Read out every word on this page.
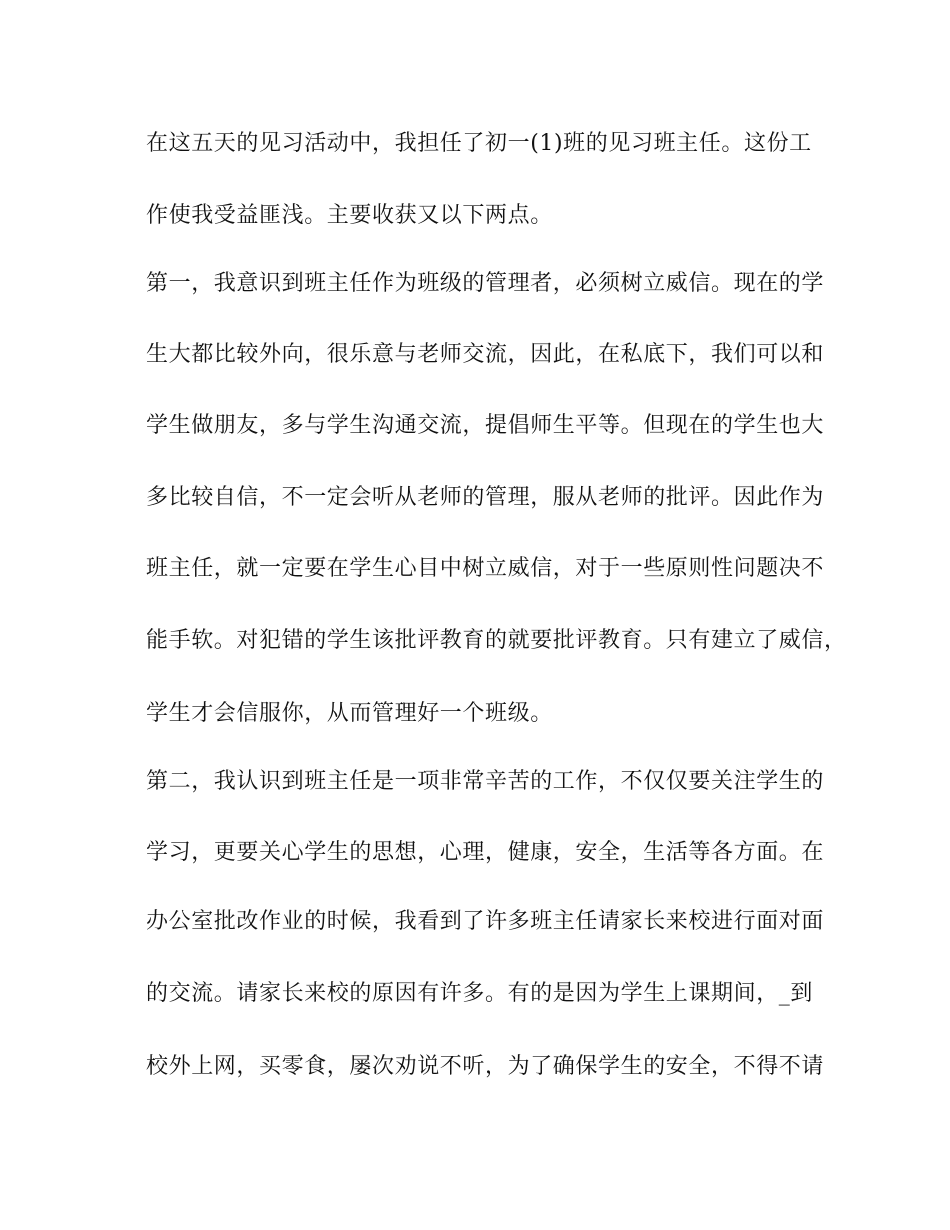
在这五天的见习活动中，我担任了初一(1)班的见习班主任。这份工
作使我受益匪浅。主要收获又以下两点。
第一，我意识到班主任作为班级的管理者，必须树立威信。现在的学
生大都比较外向，很乐意与老师交流，因此，在私底下，我们可以和
学生做朋友，多与学生沟通交流，提倡师生平等。但现在的学生也大
多比较自信，不一定会听从老师的管理，服从老师的批评。因此作为
班主任，就一定要在学生心目中树立威信，对于一些原则性问题决不
能手软。对犯错的学生该批评教育的就要批评教育。只有建立了威信，
学生才会信服你，从而管理好一个班级。
第二，我认识到班主任是一项非常辛苦的工作，不仅仅要关注学生的
学习，更要关心学生的思想，心理，健康，安全，生活等各方面。在
办公室批改作业的时候，我看到了许多班主任请家长来校进行面对面
的交流。请家长来校的原因有许多。有的是因为学生上课期间，_到
校外上网，买零食，屡次劝说不听，为了确保学生的安全，不得不请
